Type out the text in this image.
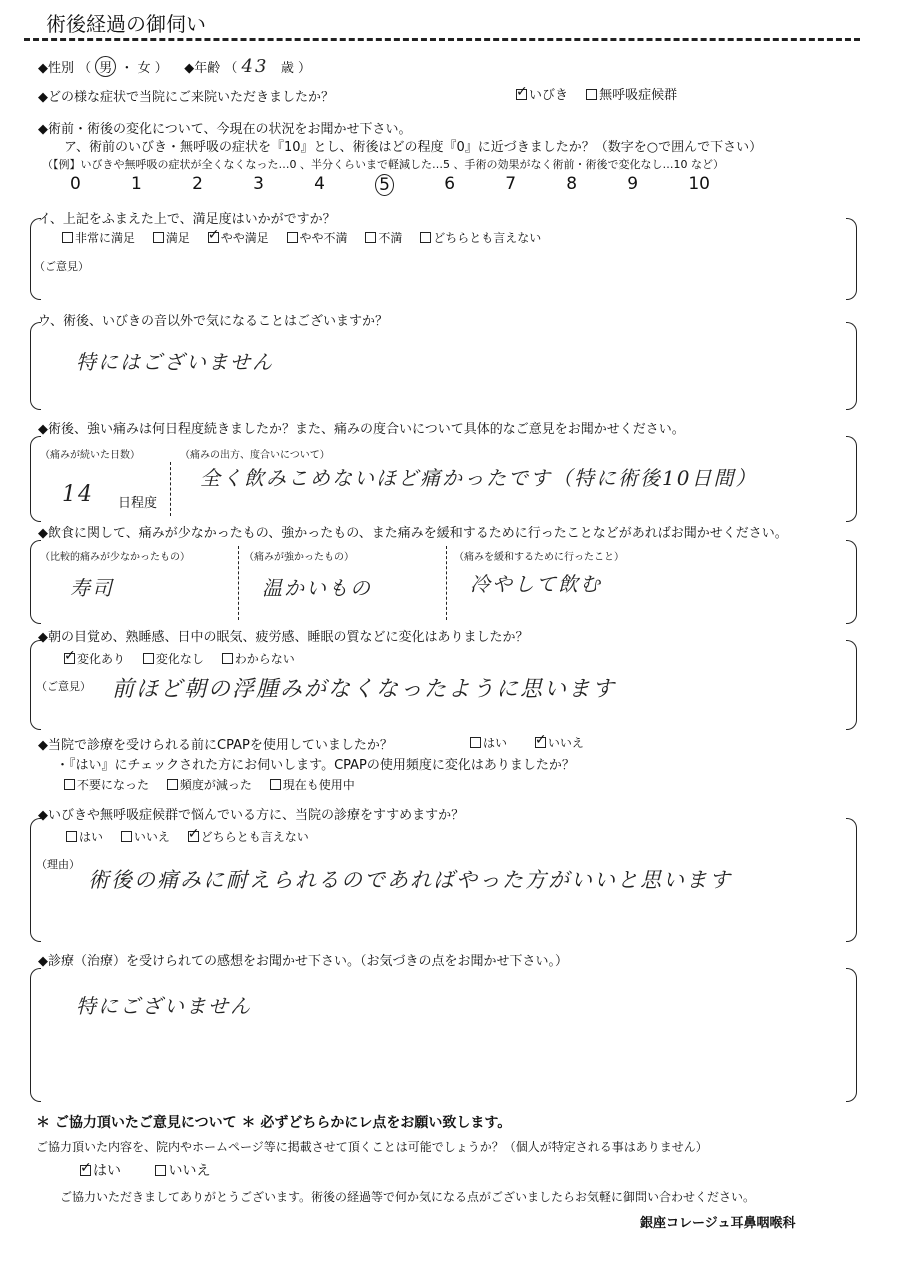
術後経過の御伺い
◆性別 （ 男 ・ 女 ）    ◆年齢 （ 43 歳 ）
◆どの様な症状で当院にご来院いただきましたか？ ✓	いびき 無呼吸症候群
◆術前・術後の変化について、今現在の状況をお聞かせ下さい。
ア、術前のいびき・無呼吸の症状を『10』とし、術後はどの程度『0』に近づきましたか？（数字を○で囲んで下さい）
（【例】いびきや無呼吸の症状が全くなくなった…0 、半分くらいまで軽減した…5 、手術の効果がなく術前・術後で変化なし…10 など）
0	1	2	3	4	5	6	7	8	9	10
イ、上記をふまえた上で、満足度はいかがですか？
非常に満足	満足 ✓	やや満足	やや不満	不満	どちらとも言えない
（ご意見）
ウ、術後、いびきの音以外で気になることはございますか？
特にはございません
◆術後、強い痛みは何日程度続きましたか？また、痛みの度合いについて具体的なご意見をお聞かせください。
（痛みが続いた日数）	（痛みの出方、度合いについて）
14 日程度
全く飲みこめないほど痛かったです（特に術後10日間）
◆飲食に関して、痛みが少なかったもの、強かったもの、また痛みを緩和するために行ったことなどがあればお聞かせください。
（比較的痛みが少なかったもの）	（痛みが強かったもの）	（痛みを緩和するために行ったこと）
寿司	温かいもの	冷やして飲む
◆朝の目覚め、熟睡感、日中の眠気、疲労感、睡眠の質などに変化はありましたか？
✓変化あり	変化なし	わからない
（ご意見） 前ほど朝の浮腫みがなくなったように思います
◆当院で診療を受けられる前にCPAPを使用していましたか？	はい ✓	いいえ
・『はい』にチェックされた方にお伺いします。CPAPの使用頻度に変化はありましたか？
不要になった	頻度が減った	現在も使用中
◆いびきや無呼吸症候群で悩んでいる方に、当院の診療をすすめますか？
はい	いいえ ✓	どちらとも言えない
（理由）
術後の痛みに耐えられるのであればやった方がいいと思います
◆診療（治療）を受けられての感想をお聞かせ下さい。（お気づきの点をお聞かせ下さい。）
特にございません
＊ ご協力頂いたご意見について ＊ 必ずどちらかにレ点をお願い致します。
ご協力頂いた内容を、院内やホームページ等に掲載させて頂くことは可能でしょうか？（個人が特定される事はありません）
✓はい	いいえ
ご協力いただきましてありがとうございます。術後の経過等で何か気になる点がございましたらお気軽に御問い合わせください。
銀座コレージュ耳鼻咽喉科
